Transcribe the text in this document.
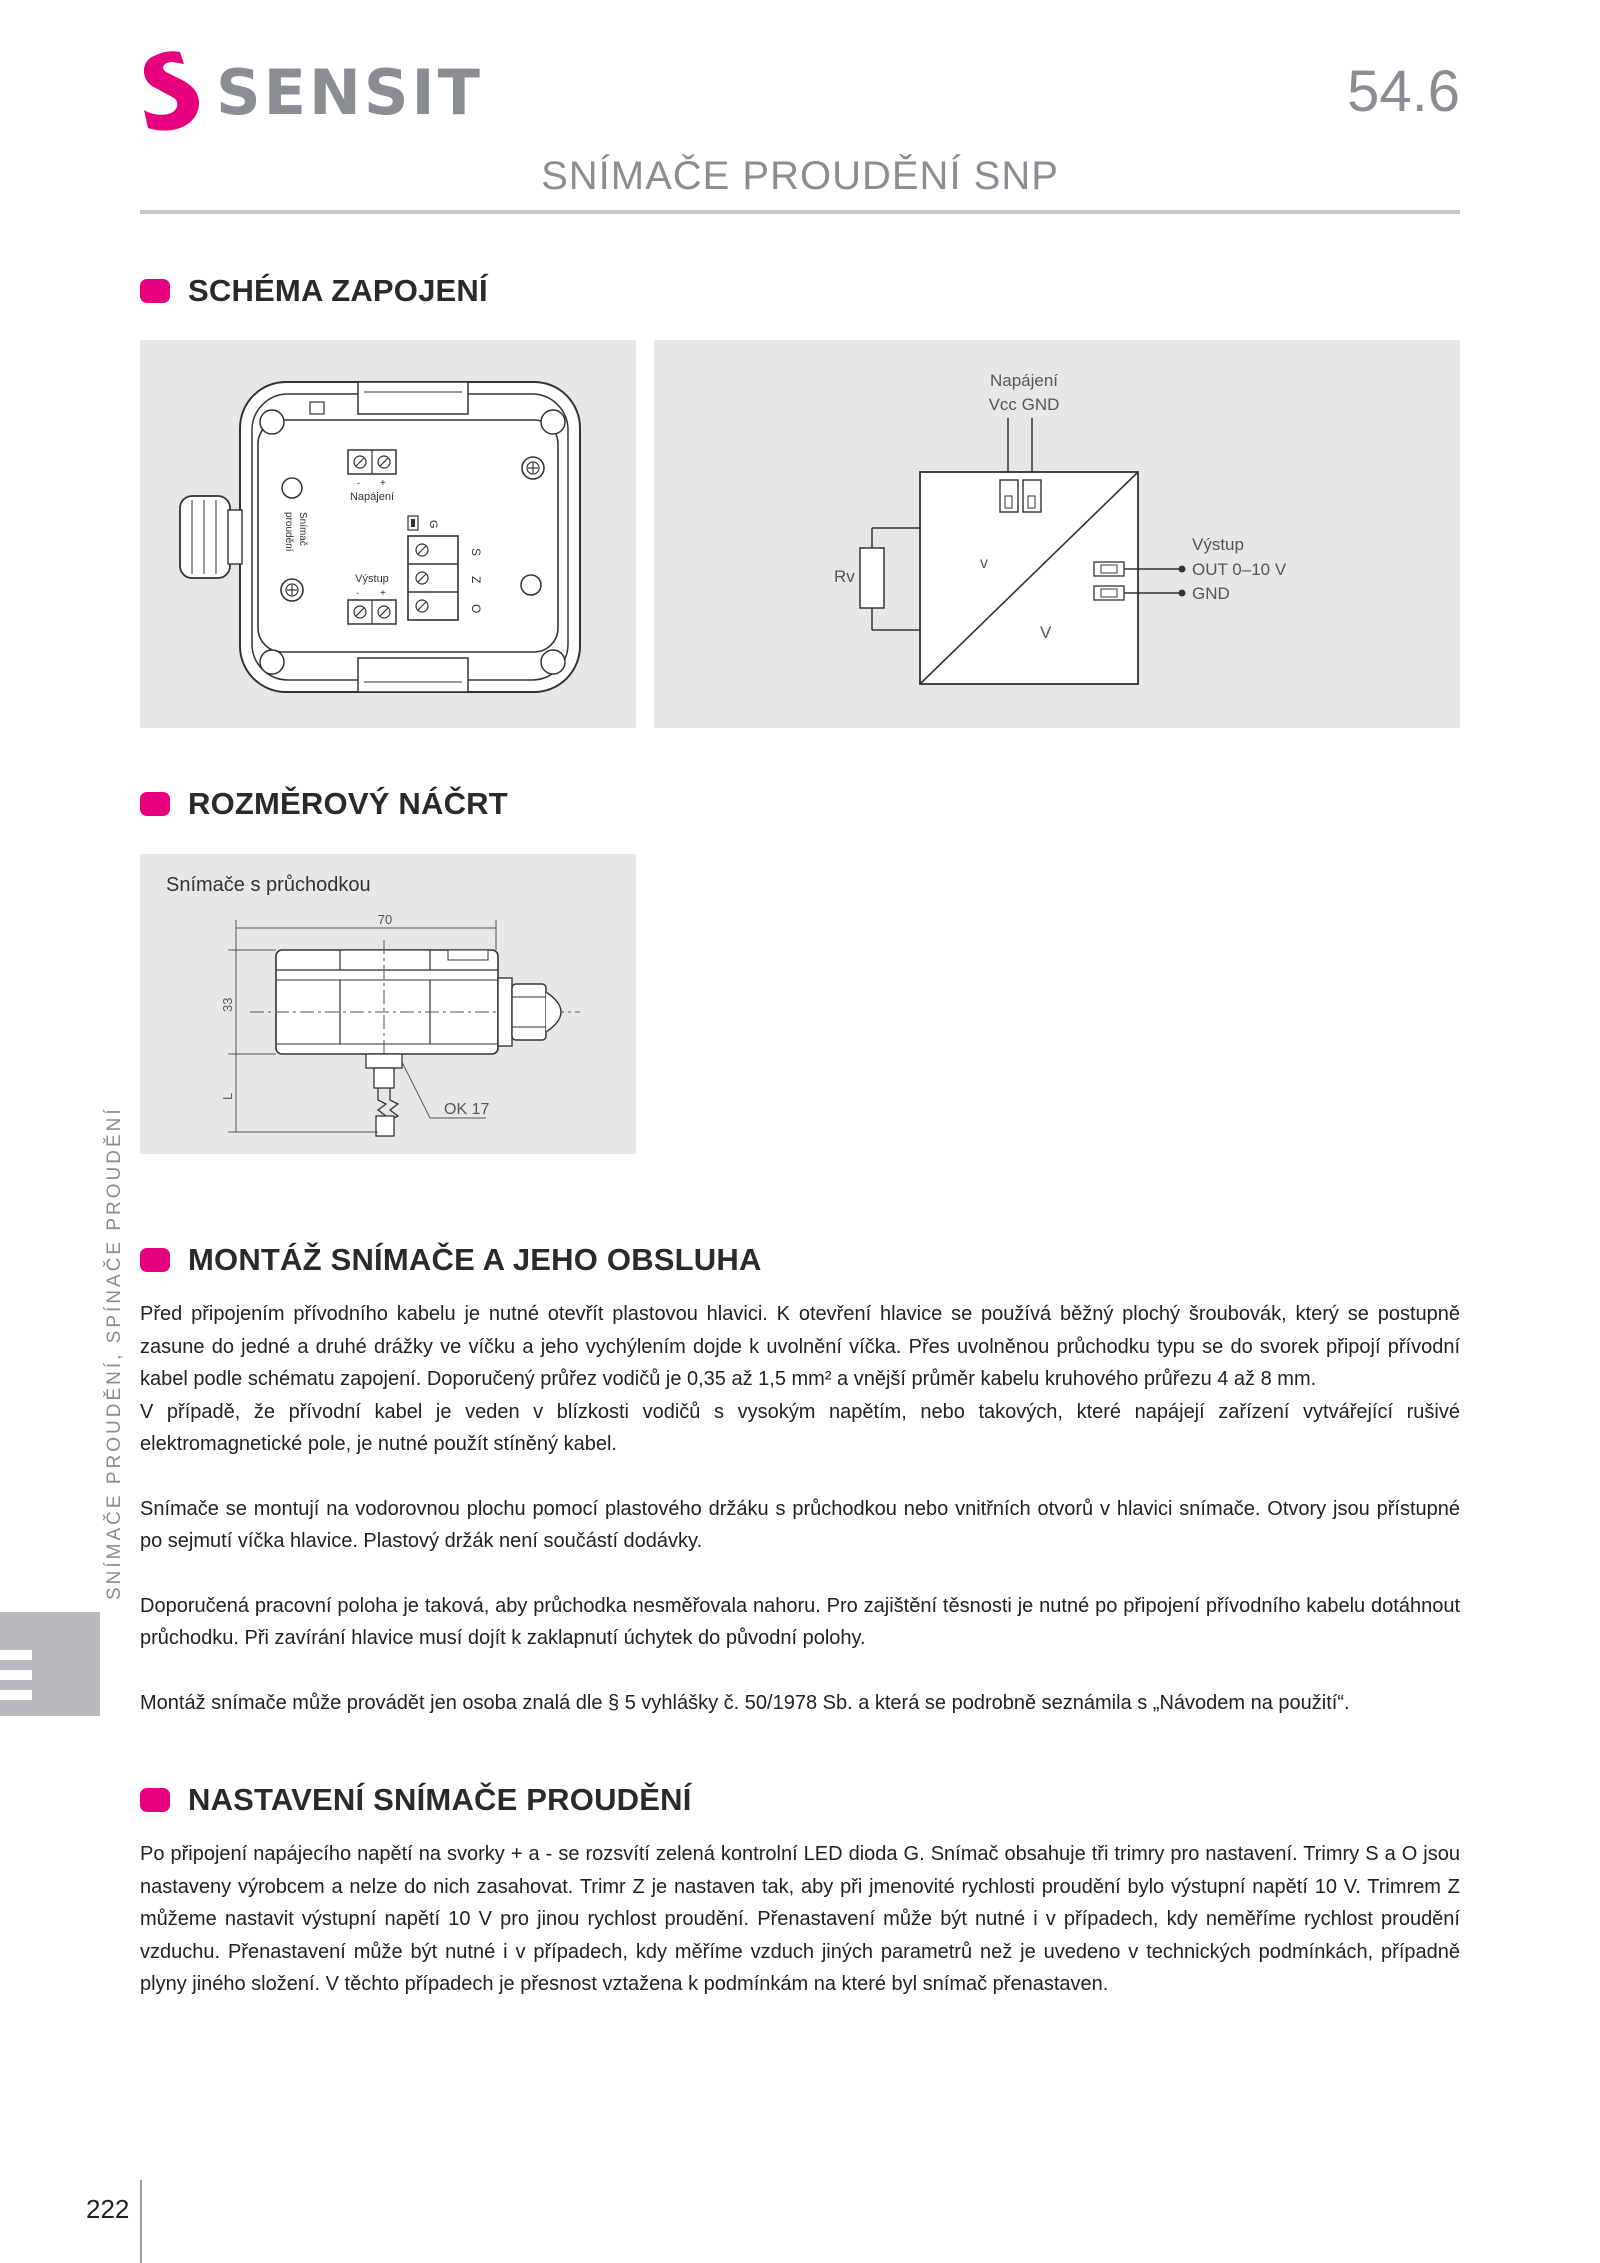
SENSIT	54.6
SNÍMAČE PROUDĚNÍ SNP
SCHÉMA ZAPOJENÍ
- +
Napájení
G
Snímač
proudění
S
Z
O
Výstup
- +
Napájení
Vcc GND
v
V
Výstup
OUT 0–10 V
GND
Rv
ROZMĚROVÝ NÁČRT
Snímače s průchodkou
70
33
L
OK 17
MONTÁŽ SNÍMAČE A JEHO OBSLUHA

Před připojením přívodního kabelu je nutné otevřít plastovou hlavici. K otevření hlavice se používá běžný plochý šroubovák, který se postupně zasune do jedné a druhé drážky ve víčku a jeho vychýlením dojde k uvolnění víčka. Přes uvolněnou průchodku typu se do svorek připojí přívodní kabel podle schématu zapojení. Doporučený průřez vodičů je 0,35 až 1,5 mm² a vnější průměr kabelu kruhového průřezu 4 až 8 mm.

V případě, že přívodní kabel je veden v blízkosti vodičů s vysokým napětím, nebo takových, které napájejí zařízení vytvářející rušivé elektromagnetické pole, je nutné použít stíněný kabel.

Snímače se montují na vodorovnou plochu pomocí plastového držáku s průchodkou nebo vnitřních otvorů v hlavici snímače. Otvory jsou přístupné po sejmutí víčka hlavice. Plastový držák není součástí dodávky.

Doporučená pracovní poloha je taková, aby průchodka nesměřovala nahoru. Pro zajištění těsnosti je nutné po připojení přívodního kabelu dotáhnout průchodku. Při zavírání hlavice musí dojít k zaklapnutí úchytek do původní polohy.

Montáž snímače může provádět jen osoba znalá dle § 5 vyhlášky č. 50/1978 Sb. a která se podrobně seznámila s „Návodem na použití“.

NASTAVENÍ SNÍMAČE PROUDĚNÍ

Po připojení napájecího napětí na svorky + a - se rozsvítí zelená kontrolní LED dioda G. Snímač obsahuje tři trimry pro nastavení. Trimry S a O jsou nastaveny výrobcem a nelze do nich zasahovat. Trimr Z je nastaven tak, aby při jmenovité rychlosti proudění bylo výstupní napětí 10 V. Trimrem Z můžeme nastavit výstupní napětí 10 V pro jinou rychlost proudění. Přenastavení může být nutné i v případech, kdy neměříme rychlost proudění vzduchu. Přenastavení může být nutné i v případech, kdy měříme vzduch jiných parametrů než je uvedeno v technických podmínkách, případně plyny jiného složení. V těchto případech je přesnost vztažena k podmínkám na které byl snímač přenastaven.

SNÍMAČE PROUDĚNÍ, SPÍNAČE PROUDĚNÍ
222
